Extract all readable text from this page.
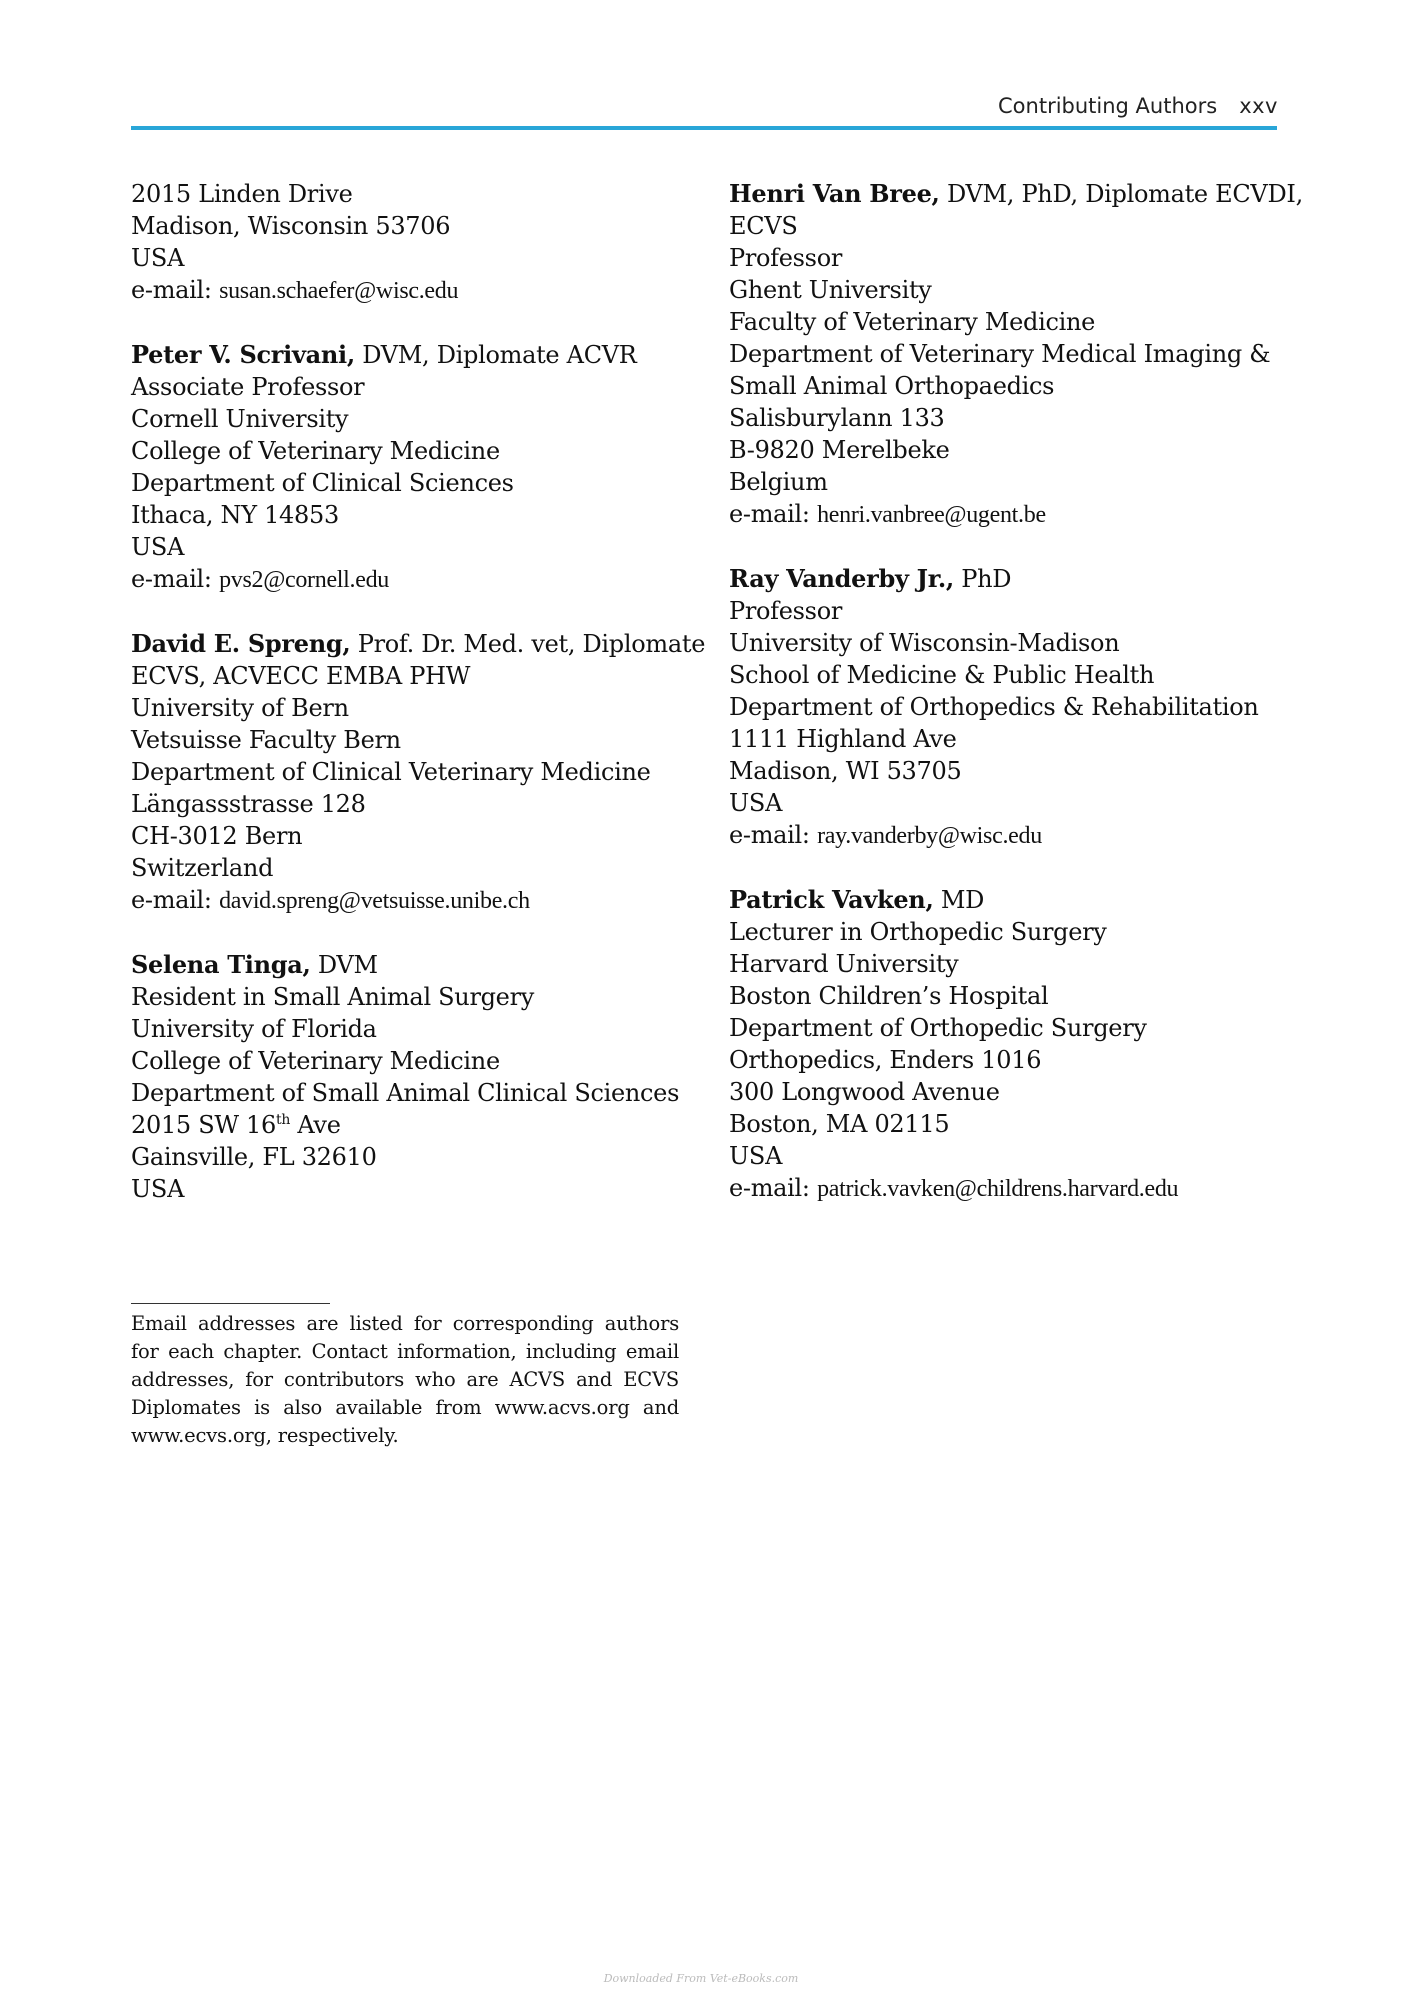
Contributing Authors xxv
2015 Linden Drive
Madison, Wisconsin 53706
USA
e-mail: susan.schaefer@wisc.edu
Peter V. Scrivani, DVM, Diplomate ACVR
Associate Professor
Cornell University
College of Veterinary Medicine
Department of Clinical Sciences
Ithaca, NY 14853
USA
e-mail: pvs2@cornell.edu
David E. Spreng, Prof. Dr. Med. vet, Diplomate
ECVS, ACVECC EMBA PHW
University of Bern
Vetsuisse Faculty Bern
Department of Clinical Veterinary Medicine
Längassstrasse 128
CH-3012 Bern
Switzerland
e-mail: david.spreng@vetsuisse.unibe.ch
Selena Tinga, DVM
Resident in Small Animal Surgery
University of Florida
College of Veterinary Medicine
Department of Small Animal Clinical Sciences
2015 SW 16th Ave
Gainsville, FL 32610
USA
Henri Van Bree, DVM, PhD, Diplomate ECVDI,
ECVS
Professor
Ghent University
Faculty of Veterinary Medicine
Department of Veterinary Medical Imaging &
Small Animal Orthopaedics
Salisburylann 133
B-9820 Merelbeke
Belgium
e-mail: henri.vanbree@ugent.be
Ray Vanderby Jr., PhD
Professor
University of Wisconsin-Madison
School of Medicine & Public Health
Department of Orthopedics & Rehabilitation
1111 Highland Ave
Madison, WI 53705
USA
e-mail: ray.vanderby@wisc.edu
Patrick Vavken, MD
Lecturer in Orthopedic Surgery
Harvard University
Boston Children’s Hospital
Department of Orthopedic Surgery
Orthopedics, Enders 1016
300 Longwood Avenue
Boston, MA 02115
USA
e-mail: patrick.vavken@childrens.harvard.edu
Email addresses are listed for corresponding authors for each chapter. Contact information, including email addresses, for contributors who are ACVS and ECVS Diplomates is also available from www.acvs.org and www.ecvs.org, respectively.
Downloaded From Vet-eBooks.com
